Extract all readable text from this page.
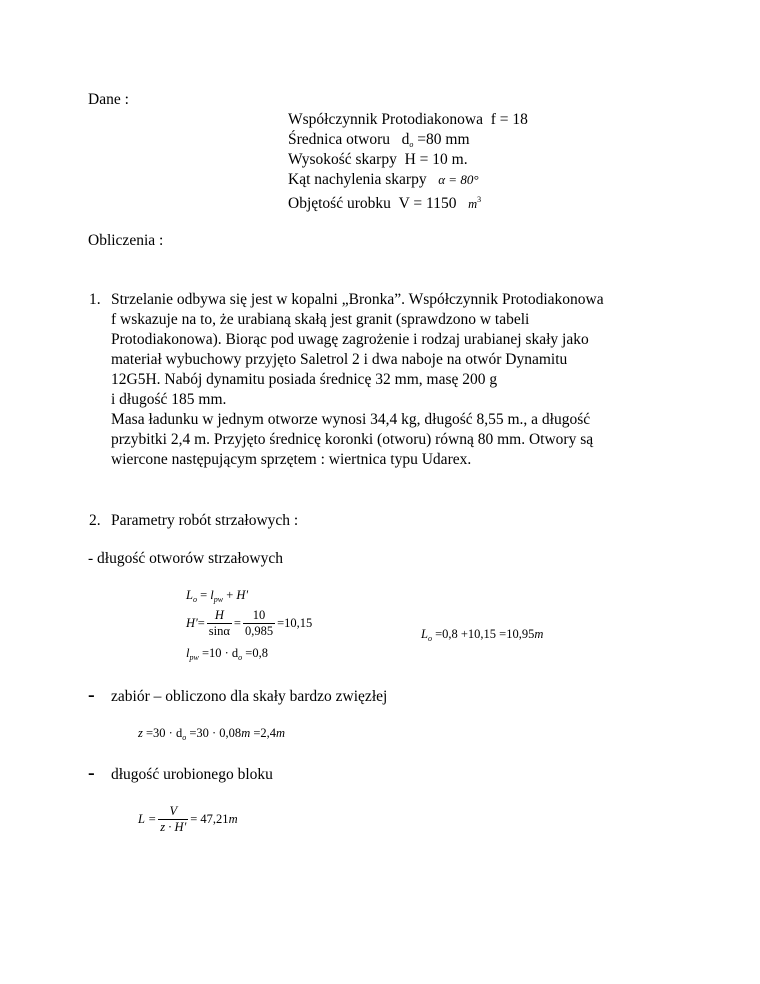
Dane :
Współczynnik Protodiakonowa f = 18
Średnica otworu $d_o =80$ mm
Wysokość skarpy H = 10 m.
Kąt nachylenia skarpy α = 80°
Objętość urobku V = 1150 $m^3$
Obliczenia :
1. Strzelanie odbywa się jest w kopalni „Bronka”. Współczynnik Protodiakonowa

f wskazuje na to, że urabianą skałą jest granit (sprawdzono w tabeli

Protodiakonowa). Biorąc pod uwagę zagrożenie i rodzaj urabianej skały jako

materiał wybuchowy przyjęto Saletrol 2 i dwa naboje na otwór Dynamitu

12G5H. Nabój dynamitu posiada średnicę 32 mm, masę 200 g

i długość 185 mm.

Masa ładunku w jednym otworze wynosi 34,4 kg, długość 8,55 m., a długość

przybitki 2,4 m. Przyjęto średnicę koronki (otworu) równą 80 mm. Otwory są

wiercone następującym sprzętem : wiertnica typu Udarex.

2. Parametry robót strzałowych :
- długość otworów strzałowych
$L_o = l_{pw} + H'$
$H'= \frac{H}{\sin\alpha} = \frac{10}{0,985} =10,15$
$l_{pw} =10 \cdot d_o =0,8$
$L_o =0,8 +10,15 =10,95m$
- zabiór – obliczono dla skały bardzo zwięzłej
$z =30 \cdot d_o =30 \cdot 0,08m =2,4m$
- długość urobionego bloku
$L = \frac{V}{z \cdot H'} = 47,21m$
